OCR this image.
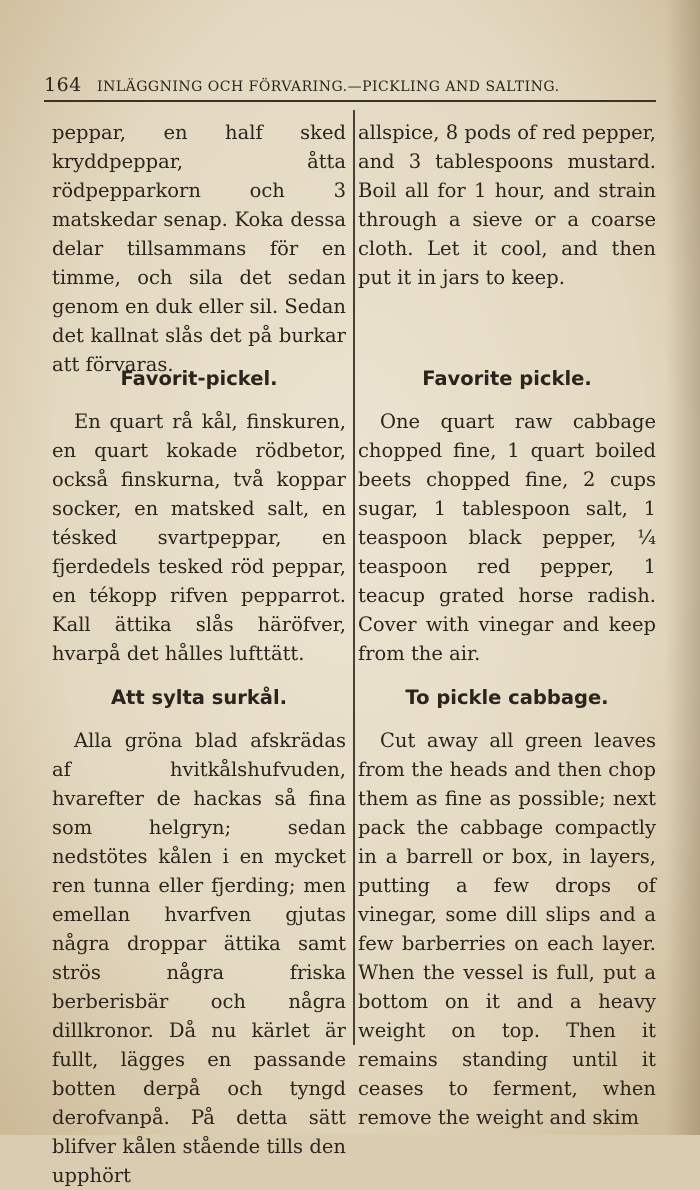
164 INLÄGGNING OCH FÖRVARING.—PICKLING AND SALTING.

peppar, en half sked kryddpeppar, åtta rödpepparkorn och 3 matskedar senap. Koka dessa delar tillsammans för en timme, och sila det sedan genom en duk eller sil. Sedan det kallnat slås det på burkar att förvaras.

Favorit-pickel.

En quart rå kål, finskuren, en quart kokade rödbetor, också finskurna, två koppar socker, en matsked salt, en tésked svartpeppar, en fjerdedels tesked röd peppar, en tékopp rifven pepparrot. Kall ättika slås häröfver, hvarpå det hålles lufttätt.

Att sylta surkål.

Alla gröna blad afskrädas af hvitkålshufvuden, hvarefter de hackas så fina som helgryn; sedan nedstötes kålen i en mycket ren tunna eller fjerding; men emellan hvarfven gjutas några droppar ättika samt strös några friska berberisbär och några dillkronor. Då nu kärlet är fullt, lägges en passande botten derpå och tyngd derofvanpå. På detta sätt blifver kålen stående tills den upphört

allspice, 8 pods of red pepper, and 3 tablespoons mustard. Boil all for 1 hour, and strain through a sieve or a coarse cloth. Let it cool, and then put it in jars to keep.

Favorite pickle.

One quart raw cabbage chopped fine, 1 quart boiled beets chopped fine, 2 cups sugar, 1 tablespoon salt, 1 teaspoon black pepper, ¼ teaspoon red pepper, 1 teacup grated horse radish. Cover with vinegar and keep from the air.

To pickle cabbage.

Cut away all green leaves from the heads and then chop them as fine as possible; next pack the cabbage compactly in a barrell or box, in layers, putting a few drops of vinegar, some dill slips and a few barberries on each layer. When the vessel is full, put a bottom on it and a heavy weight on top. Then it remains standing until it ceases to ferment, when remove the weight and skim
